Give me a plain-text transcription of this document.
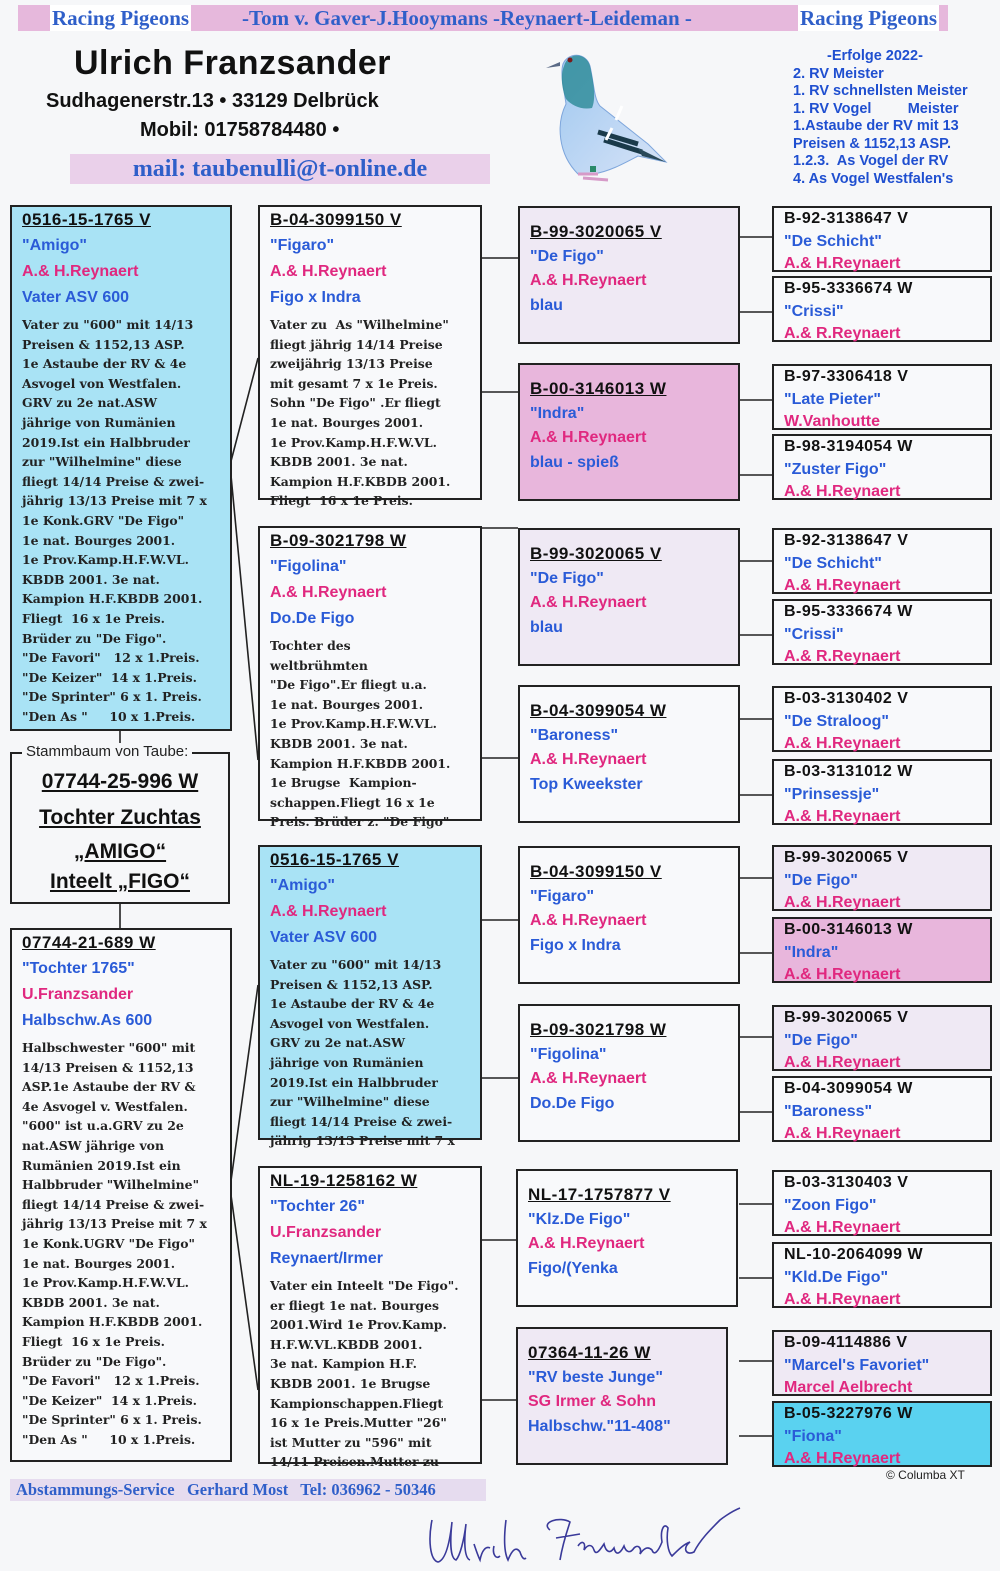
Racing Pigeons	-Tom v. Gaver-J.Hooymans -Reynaert-Leideman -	Racing Pigeons
Ulrich Franzsander
Sudhagenerstr.13 • 33129 Delbrück
Mobil: 01758784480 •
mail: taubenulli@t-online.de
-Erfolge 2022-
2. RV Meister
1. RV schnellsten Meister
1. RV Vogel         Meister
1.Astaube der RV mit 13
Preisen & 1152,13 ASP.
1.2.3.  As Vogel der RV
4. As Vogel Westfalen's
0516-15-1765 V
"Amigo"
A.& H.Reynaert
Vater ASV 600
Vater zu "600" mit 14/13
Preisen & 1152,13 ASP.
1e Astaube der RV & 4e
Asvogel von Westfalen.
GRV zu 2e nat.ASW
jährige von Rumänien
2019.Ist ein Halbbruder
zur "Wilhelmine" diese
fliegt 14/14 Preise & zwei-
jährig 13/13 Preise mit 7 x
1e Konk.GRV "De Figo"
1e nat. Bourges 2001.
1e Prov.Kamp.H.F.W.VL.
KBDB 2001. 3e nat.
Kampion H.F.KBDB 2001.
Fliegt  16 x 1e Preis.
Brüder zu "De Figo".
"De Favori"   12 x 1.Preis.
"De Keizer"  14 x 1.Preis.
"De Sprinter" 6 x 1. Preis.
"Den As "     10 x 1.Preis.
Stammbaum von Taube:
07744-25-996 W
Tochter Zuchtas
„AMIGO“
Inteelt „FIGO“
07744-21-689 W
"Tochter 1765"
U.Franzsander
Halbschw.As 600
Halbschwester "600" mit
14/13 Preisen & 1152,13
ASP.1e Astaube der RV &
4e Asvogel v. Westfalen.
"600" ist u.a.GRV zu 2e
nat.ASW jährige von
Rumänien 2019.Ist ein
Halbbruder "Wilhelmine"
fliegt 14/14 Preise & zwei-
jährig 13/13 Preise mit 7 x
1e Konk.UGRV "De Figo"
1e nat. Bourges 2001.
1e Prov.Kamp.H.F.W.VL.
KBDB 2001. 3e nat.
Kampion H.F.KBDB 2001.
Fliegt  16 x 1e Preis.
Brüder zu "De Figo".
"De Favori"   12 x 1.Preis.
"De Keizer"  14 x 1.Preis.
"De Sprinter" 6 x 1. Preis.
"Den As "     10 x 1.Preis.
B-04-3099150 V
"Figaro"
A.& H.Reynaert
Figo x Indra
Vater zu  As "Wilhelmine"
fliegt jährig 14/14 Preise
zweijährig 13/13 Preise
mit gesamt 7 x 1e Preis.
Sohn "De Figo" .Er fliegt
1e nat. Bourges 2001.
1e Prov.Kamp.H.F.W.VL.
KBDB 2001. 3e nat.
Kampion H.F.KBDB 2001.
Fliegt  16 x 1e Preis.
B-09-3021798 W
"Figolina"
A.& H.Reynaert
Do.De Figo
Tochter des
weltbrühmten
"De Figo".Er fliegt u.a.
1e nat. Bourges 2001.
1e Prov.Kamp.H.F.W.VL.
KBDB 2001. 3e nat.
Kampion H.F.KBDB 2001.
1e Brugse  Kampion-
schappen.Fliegt 16 x 1e
Preis. Brüder z. "De Figo"
0516-15-1765 V
"Amigo"
A.& H.Reynaert
Vater ASV 600
Vater zu "600" mit 14/13
Preisen & 1152,13 ASP.
1e Astaube der RV & 4e
Asvogel von Westfalen.
GRV zu 2e nat.ASW
jährige von Rumänien
2019.Ist ein Halbbruder
zur "Wilhelmine" diese
fliegt 14/14 Preise & zwei-
jährig 13/13 Preise mit 7 x
NL-19-1258162 W
"Tochter 26"
U.Franzsander
Reynaert/Irmer
Vater ein Inteelt "De Figo".
er fliegt 1e nat. Bourges
2001.Wird 1e Prov.Kamp.
H.F.W.VL.KBDB 2001.
3e nat. Kampion H.F.
KBDB 2001. 1e Brugse
Kampionschappen.Fliegt
16 x 1e Preis.Mutter "26"
ist Mutter zu "596" mit
14/11 Preisen.Mutter zu
B-99-3020065 V
"De Figo"
A.& H.Reynaert
blau
B-00-3146013 W
"Indra"
A.& H.Reynaert
blau - spieß
B-99-3020065 V
"De Figo"
A.& H.Reynaert
blau
B-04-3099054 W
"Baroness"
A.& H.Reynaert
Top Kweekster
B-04-3099150 V
"Figaro"
A.& H.Reynaert
Figo x Indra
B-09-3021798 W
"Figolina"
A.& H.Reynaert
Do.De Figo
NL-17-1757877 V
"Klz.De Figo"
A.& H.Reynaert
Figo/(Yenka
07364-11-26 W
"RV beste Junge"
SG Irmer & Sohn
Halbschw."11-408"
B-92-3138647 V
"De Schicht"
A.& H.Reynaert
B-95-3336674 W
"Crissi"
A.& R.Reynaert
B-97-3306418 V
"Late Pieter"
W.Vanhoutte
B-98-3194054 W
"Zuster Figo"
A.& H.Reynaert
B-92-3138647 V
"De Schicht"
A.& H.Reynaert
B-95-3336674 W
"Crissi"
A.& R.Reynaert
B-03-3130402 V
"De Straloog"
A.& H.Reynaert
B-03-3131012 W
"Prinsessje"
A.& H.Reynaert
B-99-3020065 V
"De Figo"
A.& H.Reynaert
B-00-3146013 W
"Indra"
A.& H.Reynaert
B-99-3020065 V
"De Figo"
A.& H.Reynaert
B-04-3099054 W
"Baroness"
A.& H.Reynaert
B-03-3130403 V
"Zoon Figo"
A.& H.Reynaert
NL-10-2064099 W
"Kld.De Figo"
A.& H.Reynaert
B-09-4114886 V
"Marcel's Favoriet"
Marcel Aelbrecht
B-05-3227976 W
"Fiona"
A.& H.Reynaert
© Columba XT
Abstammungs-Service   Gerhard Most   Tel: 036962 - 50346
